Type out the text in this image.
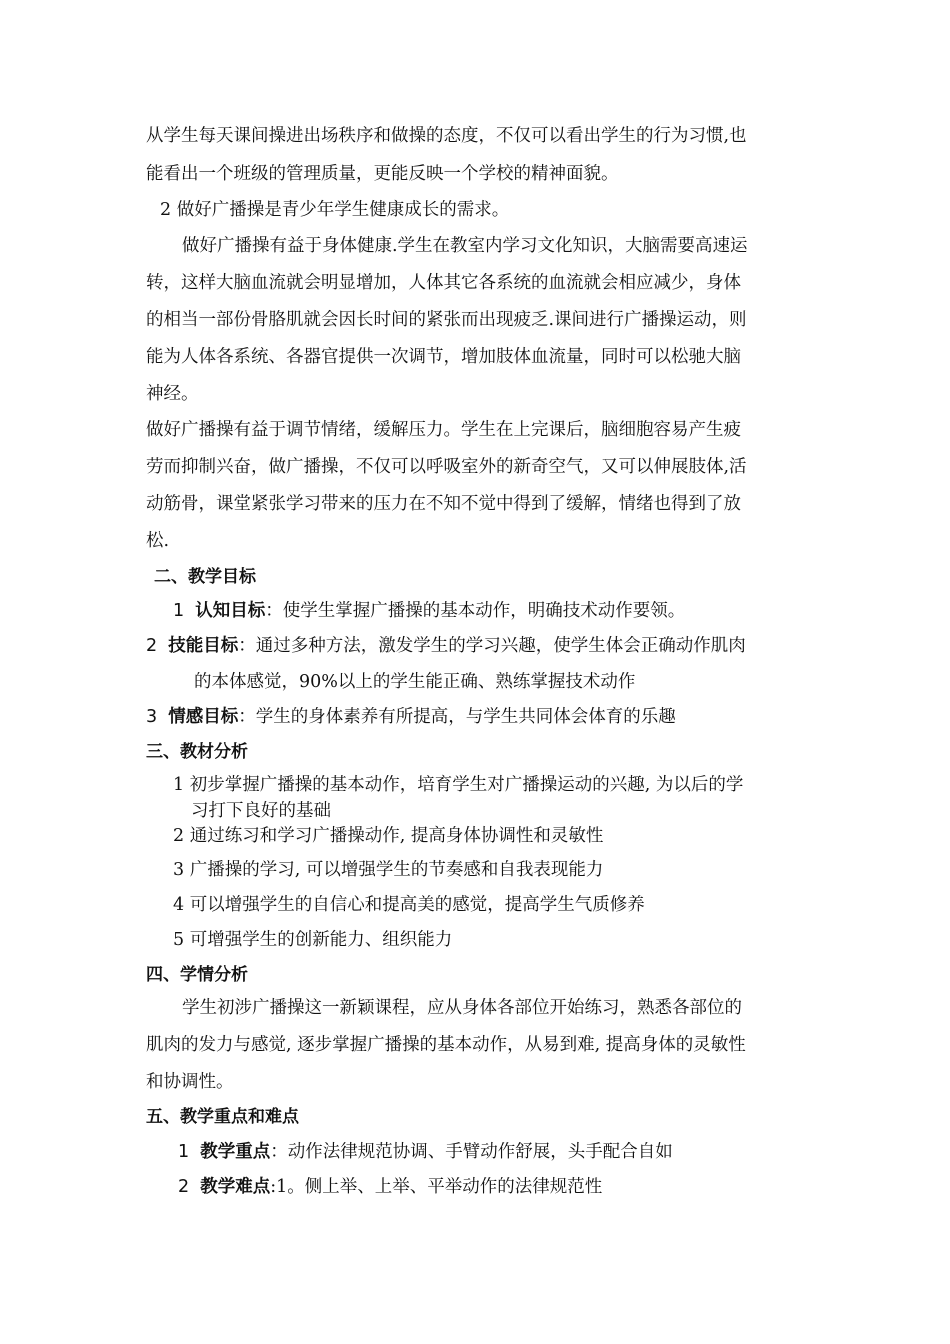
从学生每天课间操进出场秩序和做操的态度，不仅可以看出学生的行为习惯,也
能看出一个班级的管理质量，更能反映一个学校的精神面貌。
2 做好广播操是青少年学生健康成长的需求。
做好广播操有益于身体健康.学生在教室内学习文化知识，大脑需要高速运
转，这样大脑血流就会明显增加，人体其它各系统的血流就会相应减少，身体
的相当一部份骨胳肌就会因长时间的紧张而出现疲乏.课间进行广播操运动，则
能为人体各系统、各器官提供一次调节，增加肢体血流量，同时可以松驰大脑
神经。
做好广播操有益于调节情绪，缓解压力。学生在上完课后，脑细胞容易产生疲
劳而抑制兴奋，做广播操，不仅可以呼吸室外的新奇空气，又可以伸展肢体,活
动筋骨，课堂紧张学习带来的压力在不知不觉中得到了缓解，情绪也得到了放
松.
二、教学目标
1 认知目标：使学生掌握广播操的基本动作，明确技术动作要领。
2 技能目标：通过多种方法，激发学生的学习兴趣，使学生体会正确动作肌肉
的本体感觉，90%以上的学生能正确、熟练掌握技术动作
3 情感目标：学生的身体素养有所提高，与学生共同体会体育的乐趣
三、教材分析
1 初步掌握广播操的基本动作，培育学生对广播操运动的兴趣, 为以后的学
习打下良好的基础
2 通过练习和学习广播操动作, 提高身体协调性和灵敏性
3 广播操的学习, 可以增强学生的节奏感和自我表现能力
4 可以增强学生的自信心和提高美的感觉，提高学生气质修养
5 可增强学生的创新能力、组织能力
四、学情分析
学生初涉广播操这一新颖课程，应从身体各部位开始练习，熟悉各部位的
肌肉的发力与感觉, 逐步掌握广播操的基本动作，从易到难, 提高身体的灵敏性
和协调性。
五、教学重点和难点
1 教学重点：动作法律规范协调、手臂动作舒展，头手配合自如
2 教学难点:1。侧上举、上举、平举动作的法律规范性
